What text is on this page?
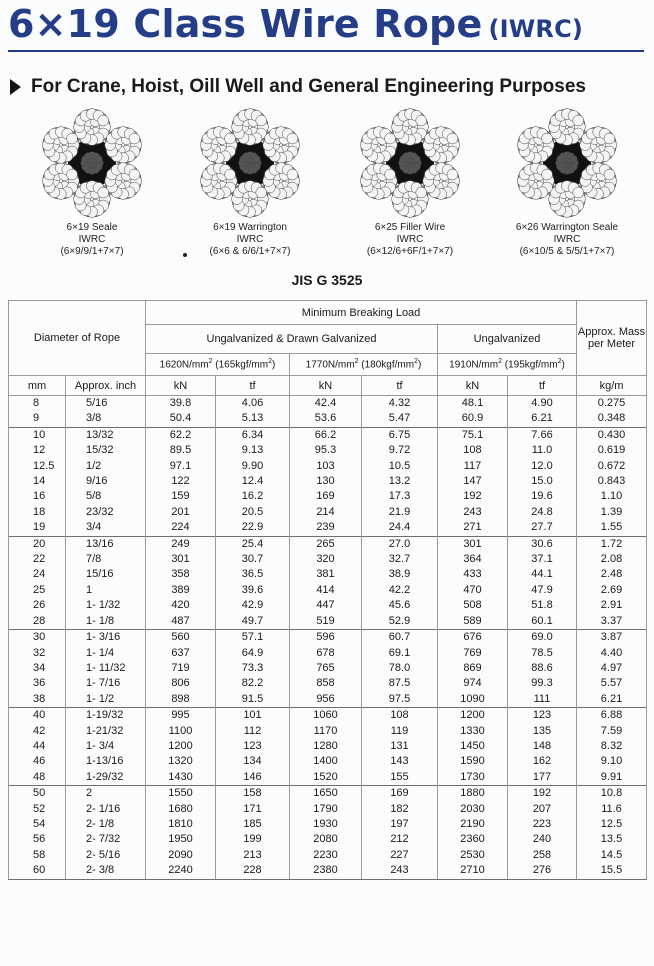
6×19 Class Wire Rope (IWRC)
For Crane, Hoist, Oill Well and General Engineering Purposes
6×19 Seale
IWRC
(6×9/9/1+7×7)
6×19 Warrington
IWRC
(6×6 & 6/6/1+7×7)
6×25 Filler Wire
IWRC
(6×12/6+6F/1+7×7)
6×26 Warrington Seale
IWRC
(6×10/5 & 5/5/1+7×7)
JIS G 3525
Diameter of Rope		Minimum Breaking Load						Approx. Mass per Meter
		Ungalvanized & Drawn Galvanized				Ungalvanized		
		$1620N/mm^2$ $(165kgf/mm^2)$		$1770N/mm^2$ $(180kgf/mm^2)$		$1910N/mm^2$ $(195kgf/mm^2)$		
mm	Approx. inch	kN	tf	kN	tf	kN	tf	kg/m
8	5/16	39.8	4.06	42.4	4.32	48.1	4.90	0.275
9	3/8	50.4	5.13	53.6	5.47	60.9	6.21	0.348
10	13/32	62.2	6.34	66.2	6.75	75.1	7.66	0.430
12	15/32	89.5	9.13	95.3	9.72	108	11.0	0.619
12.5	1/2	97.1	9.90	103	10.5	117	12.0	0.672
14	9/16	122	12.4	130	13.2	147	15.0	0.843
16	5/8	159	16.2	169	17.3	192	19.6	1.10
18	23/32	201	20.5	214	21.9	243	24.8	1.39
19	3/4	224	22.9	239	24.4	271	27.7	1.55
20	13/16	249	25.4	265	27.0	301	30.6	1.72
22	7/8	301	30.7	320	32.7	364	37.1	2.08
24	15/16	358	36.5	381	38.9	433	44.1	2.48
25	1	389	39.6	414	42.2	470	47.9	2.69
26	1- 1/32	420	42.9	447	45.6	508	51.8	2.91
28	1- 1/8	487	49.7	519	52.9	589	60.1	3.37
30	1- 3/16	560	57.1	596	60.7	676	69.0	3.87
32	1- 1/4	637	64.9	678	69.1	769	78.5	4.40
34	1- 11/32	719	73.3	765	78.0	869	88.6	4.97
36	1- 7/16	806	82.2	858	87.5	974	99.3	5.57
38	1- 1/2	898	91.5	956	97.5	1090	111	6.21
40	1-19/32	995	101	1060	108	1200	123	6.88
42	1-21/32	1100	112	1170	119	1330	135	7.59
44	1- 3/4	1200	123	1280	131	1450	148	8.32
46	1-13/16	1320	134	1400	143	1590	162	9.10
48	1-29/32	1430	146	1520	155	1730	177	9.91
50	2	1550	158	1650	169	1880	192	10.8
52	2- 1/16	1680	171	1790	182	2030	207	11.6
54	2- 1/8	1810	185	1930	197	2190	223	12.5
56	2- 7/32	1950	199	2080	212	2360	240	13.5
58	2- 5/16	2090	213	2230	227	2530	258	14.5
60	2- 3/8	2240	228	2380	243	2710	276	15.5
